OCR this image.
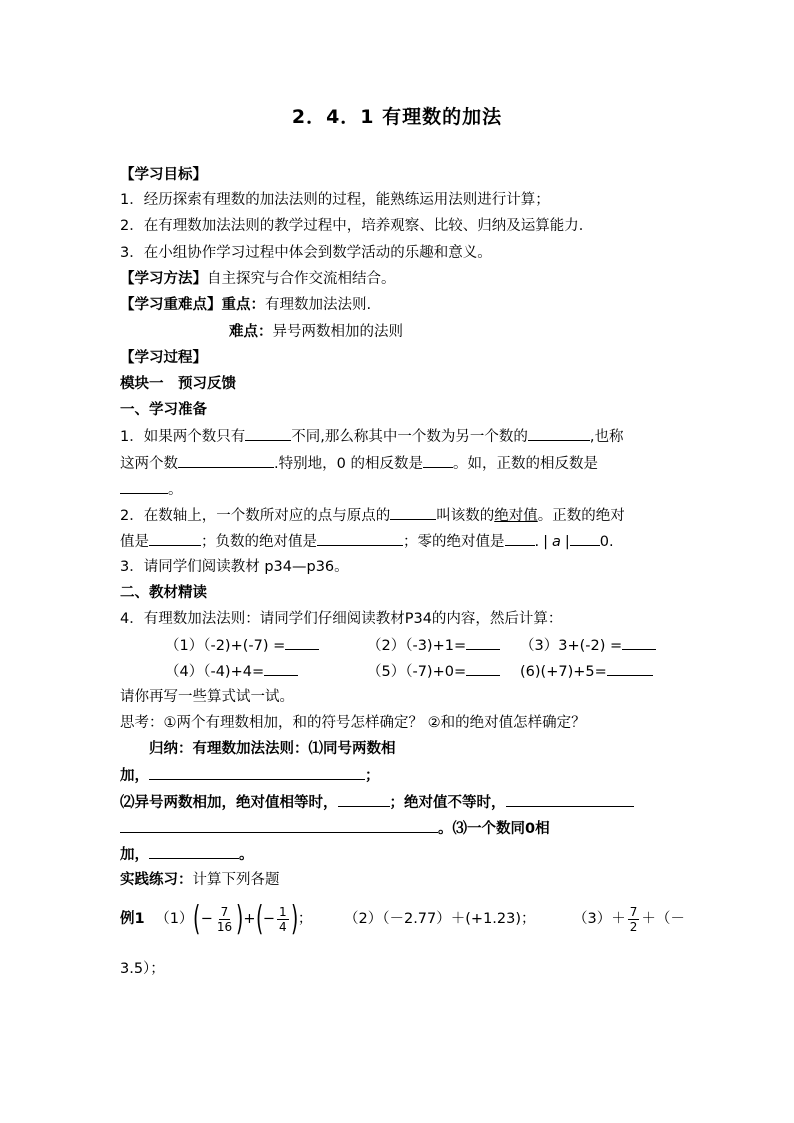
2．4．1 有理数的加法
【学习目标】
1．经历探索有理数的加法法则的过程，能熟练运用法则进行计算；
2．在有理数加法法则的教学过程中，培养观察、比较、归纳及运算能力．
3．在小组协作学习过程中体会到数学活动的乐趣和意义。
【学习方法】自主探究与合作交流相结合。
【学习重难点】重点：有理数加法法则.
难点：异号两数相加的法则
【学习过程】
模块一　预习反馈
一、学习准备
1．如果两个数只有	不同,那么称其中一个数为另一个数的	,也称
这两个数	.特别地，0 的相反数是 。如，正数的相反数是
。
2．在数轴上，一个数所对应的点与原点的	叫该数的绝对值。正数的绝对
值是	；负数的绝对值是	；零的绝对值是 . | a | 0.
3．请同学们阅读教材 p34—p36。
二、教材精读
4．有理数加法法则：请同学们仔细阅读教材P34的内容，然后计算：
（1）（-2)+(-7) =	（2）（-3)+1=	（3）3+(-2) =
（4）（-4)+4=	（5）（-7)+0=	(6)(+7)+5=
请你再写一些算式试一试。
思考：①两个有理数相加，和的符号怎样确定？ ②和的绝对值怎样确定？
归纳：有理数加法法则：⑴同号两数相
加，	；
⑵异号两数相加，绝对值相等时，	；绝对值不等时，
。⑶一个数同0相
加，	。
实践练习：计算下列各题
例1 $(1)(- \frac{7}{16}$ )+(− $\frac{1}{4}$ )； （2）（－2.77）＋(+1.23)；	$(3)+ \frac{7}{2}$ ＋（－
3.5）；
